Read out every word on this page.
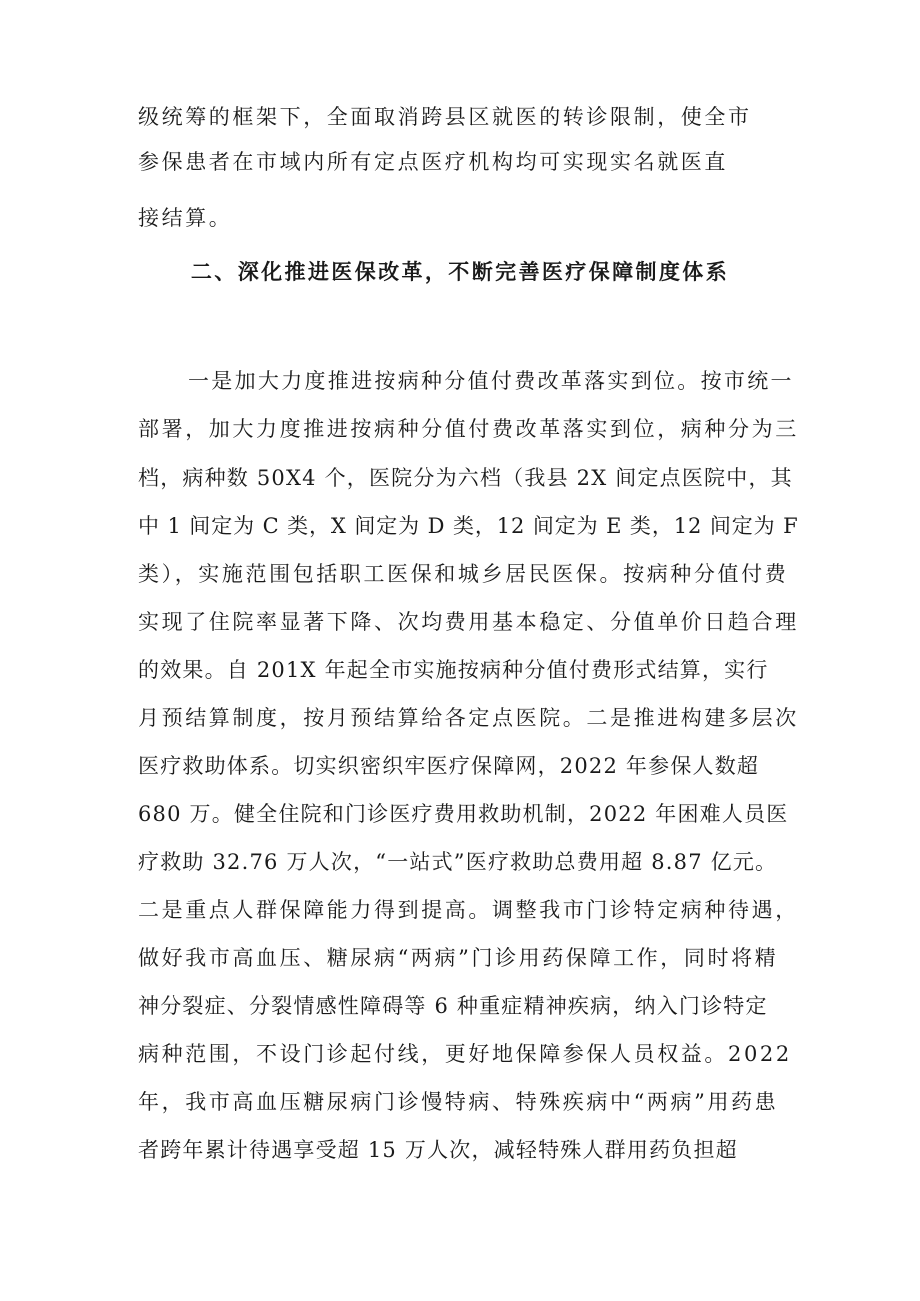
级统筹的框架下，全面取消跨县区就医的转诊限制，使全市
参保患者在市域内所有定点医疗机构均可实现实名就医直
接结算。
二、深化推进医保改革，不断完善医疗保障制度体系
一是加大力度推进按病种分值付费改革落实到位。按市统一
部署，加大力度推进按病种分值付费改革落实到位，病种分为三
档，病种数 50X4 个，医院分为六档（我县 2X 间定点医院中，其
中 1 间定为 C 类，X 间定为 D 类，12 间定为 E 类，12 间定为 F
类），实施范围包括职工医保和城乡居民医保。按病种分值付费
实现了住院率显著下降、次均费用基本稳定、分值单价日趋合理
的效果。自 201X 年起全市实施按病种分值付费形式结算，实行
月预结算制度，按月预结算给各定点医院。二是推进构建多层次
医疗救助体系。切实织密织牢医疗保障网，2022 年参保人数超
680 万。健全住院和门诊医疗费用救助机制，2022 年困难人员医
疗救助 32.76 万人次，“一站式”医疗救助总费用超 8.87 亿元。
二是重点人群保障能力得到提高。调整我市门诊特定病种待遇，
做好我市高血压、糖尿病“两病”门诊用药保障工作，同时将精
神分裂症、分裂情感性障碍等 6 种重症精神疾病，纳入门诊特定
病种范围，不设门诊起付线，更好地保障参保人员权益。2022
年，我市高血压糖尿病门诊慢特病、特殊疾病中“两病”用药患
者跨年累计待遇享受超 15 万人次，减轻特殊人群用药负担超
